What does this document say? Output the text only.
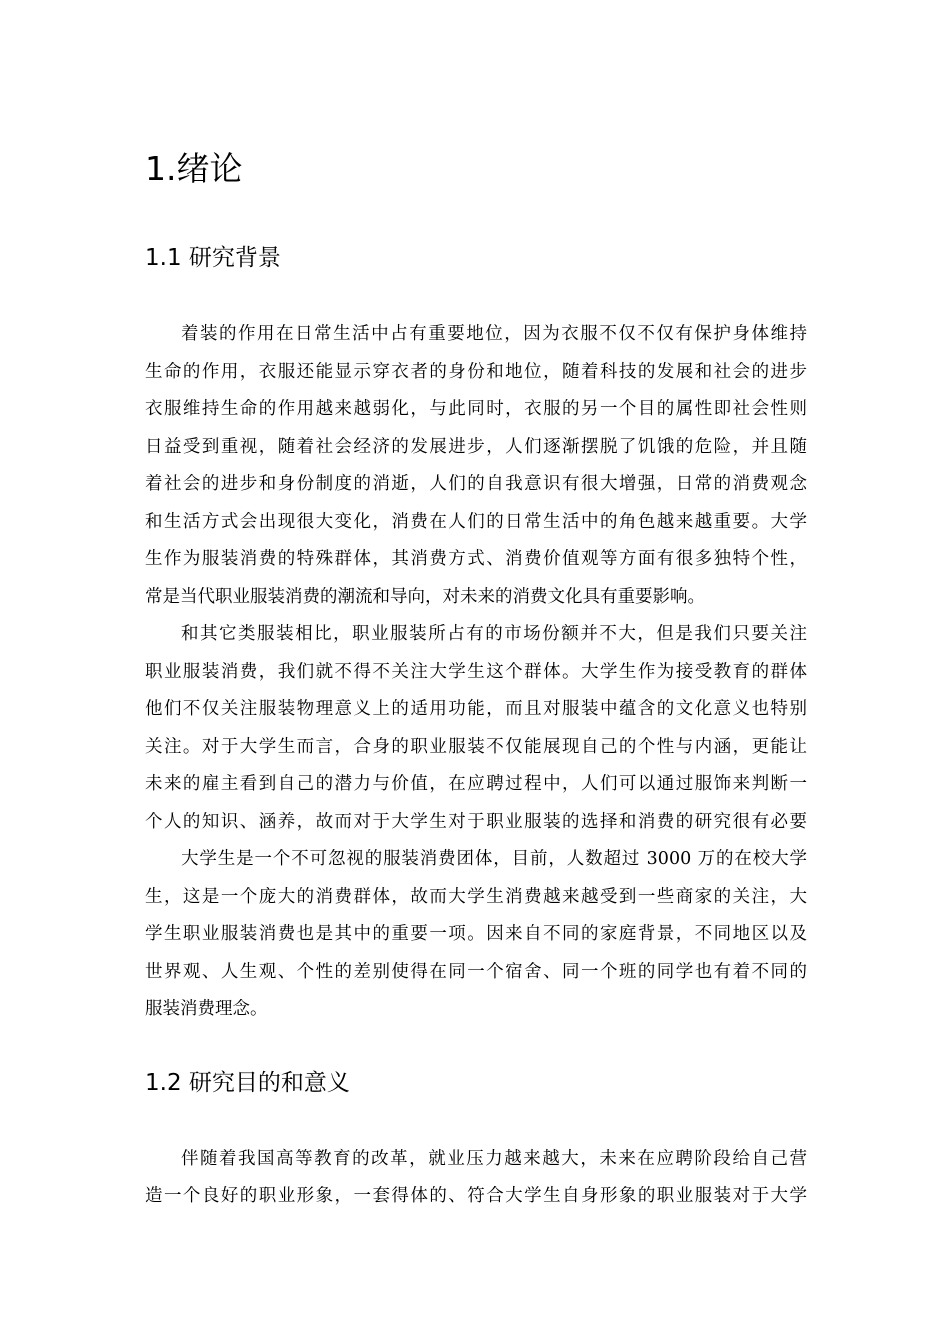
1.绪论
1.1 研究背景
着装的作用在日常生活中占有重要地位，因为衣服不仅不仅有保护身体维持
生命的作用，衣服还能显示穿衣者的身份和地位，随着科技的发展和社会的进步
衣服维持生命的作用越来越弱化，与此同时，衣服的另一个目的属性即社会性则
日益受到重视，随着社会经济的发展进步，人们逐渐摆脱了饥饿的危险，并且随
着社会的进步和身份制度的消逝，人们的自我意识有很大增强，日常的消费观念
和生活方式会出现很大变化，消费在人们的日常生活中的角色越来越重要。大学
生作为服装消费的特殊群体，其消费方式、消费价值观等方面有很多独特个性，
常是当代职业服装消费的潮流和导向，对未来的消费文化具有重要影响。
和其它类服装相比，职业服装所占有的市场份额并不大，但是我们只要关注
职业服装消费，我们就不得不关注大学生这个群体。大学生作为接受教育的群体
他们不仅关注服装物理意义上的适用功能，而且对服装中蕴含的文化意义也特别
关注。对于大学生而言，合身的职业服装不仅能展现自己的个性与内涵，更能让
未来的雇主看到自己的潜力与价值，在应聘过程中，人们可以通过服饰来判断一
个人的知识、涵养，故而对于大学生对于职业服装的选择和消费的研究很有必要
大学生是一个不可忽视的服装消费团体，目前，人数超过 3000 万的在校大学
生，这是一个庞大的消费群体，故而大学生消费越来越受到一些商家的关注，大
学生职业服装消费也是其中的重要一项。因来自不同的家庭背景，不同地区以及
世界观、人生观、个性的差别使得在同一个宿舍、同一个班的同学也有着不同的
服装消费理念。
1.2 研究目的和意义
伴随着我国高等教育的改革，就业压力越来越大，未来在应聘阶段给自己营
造一个良好的职业形象，一套得体的、符合大学生自身形象的职业服装对于大学
